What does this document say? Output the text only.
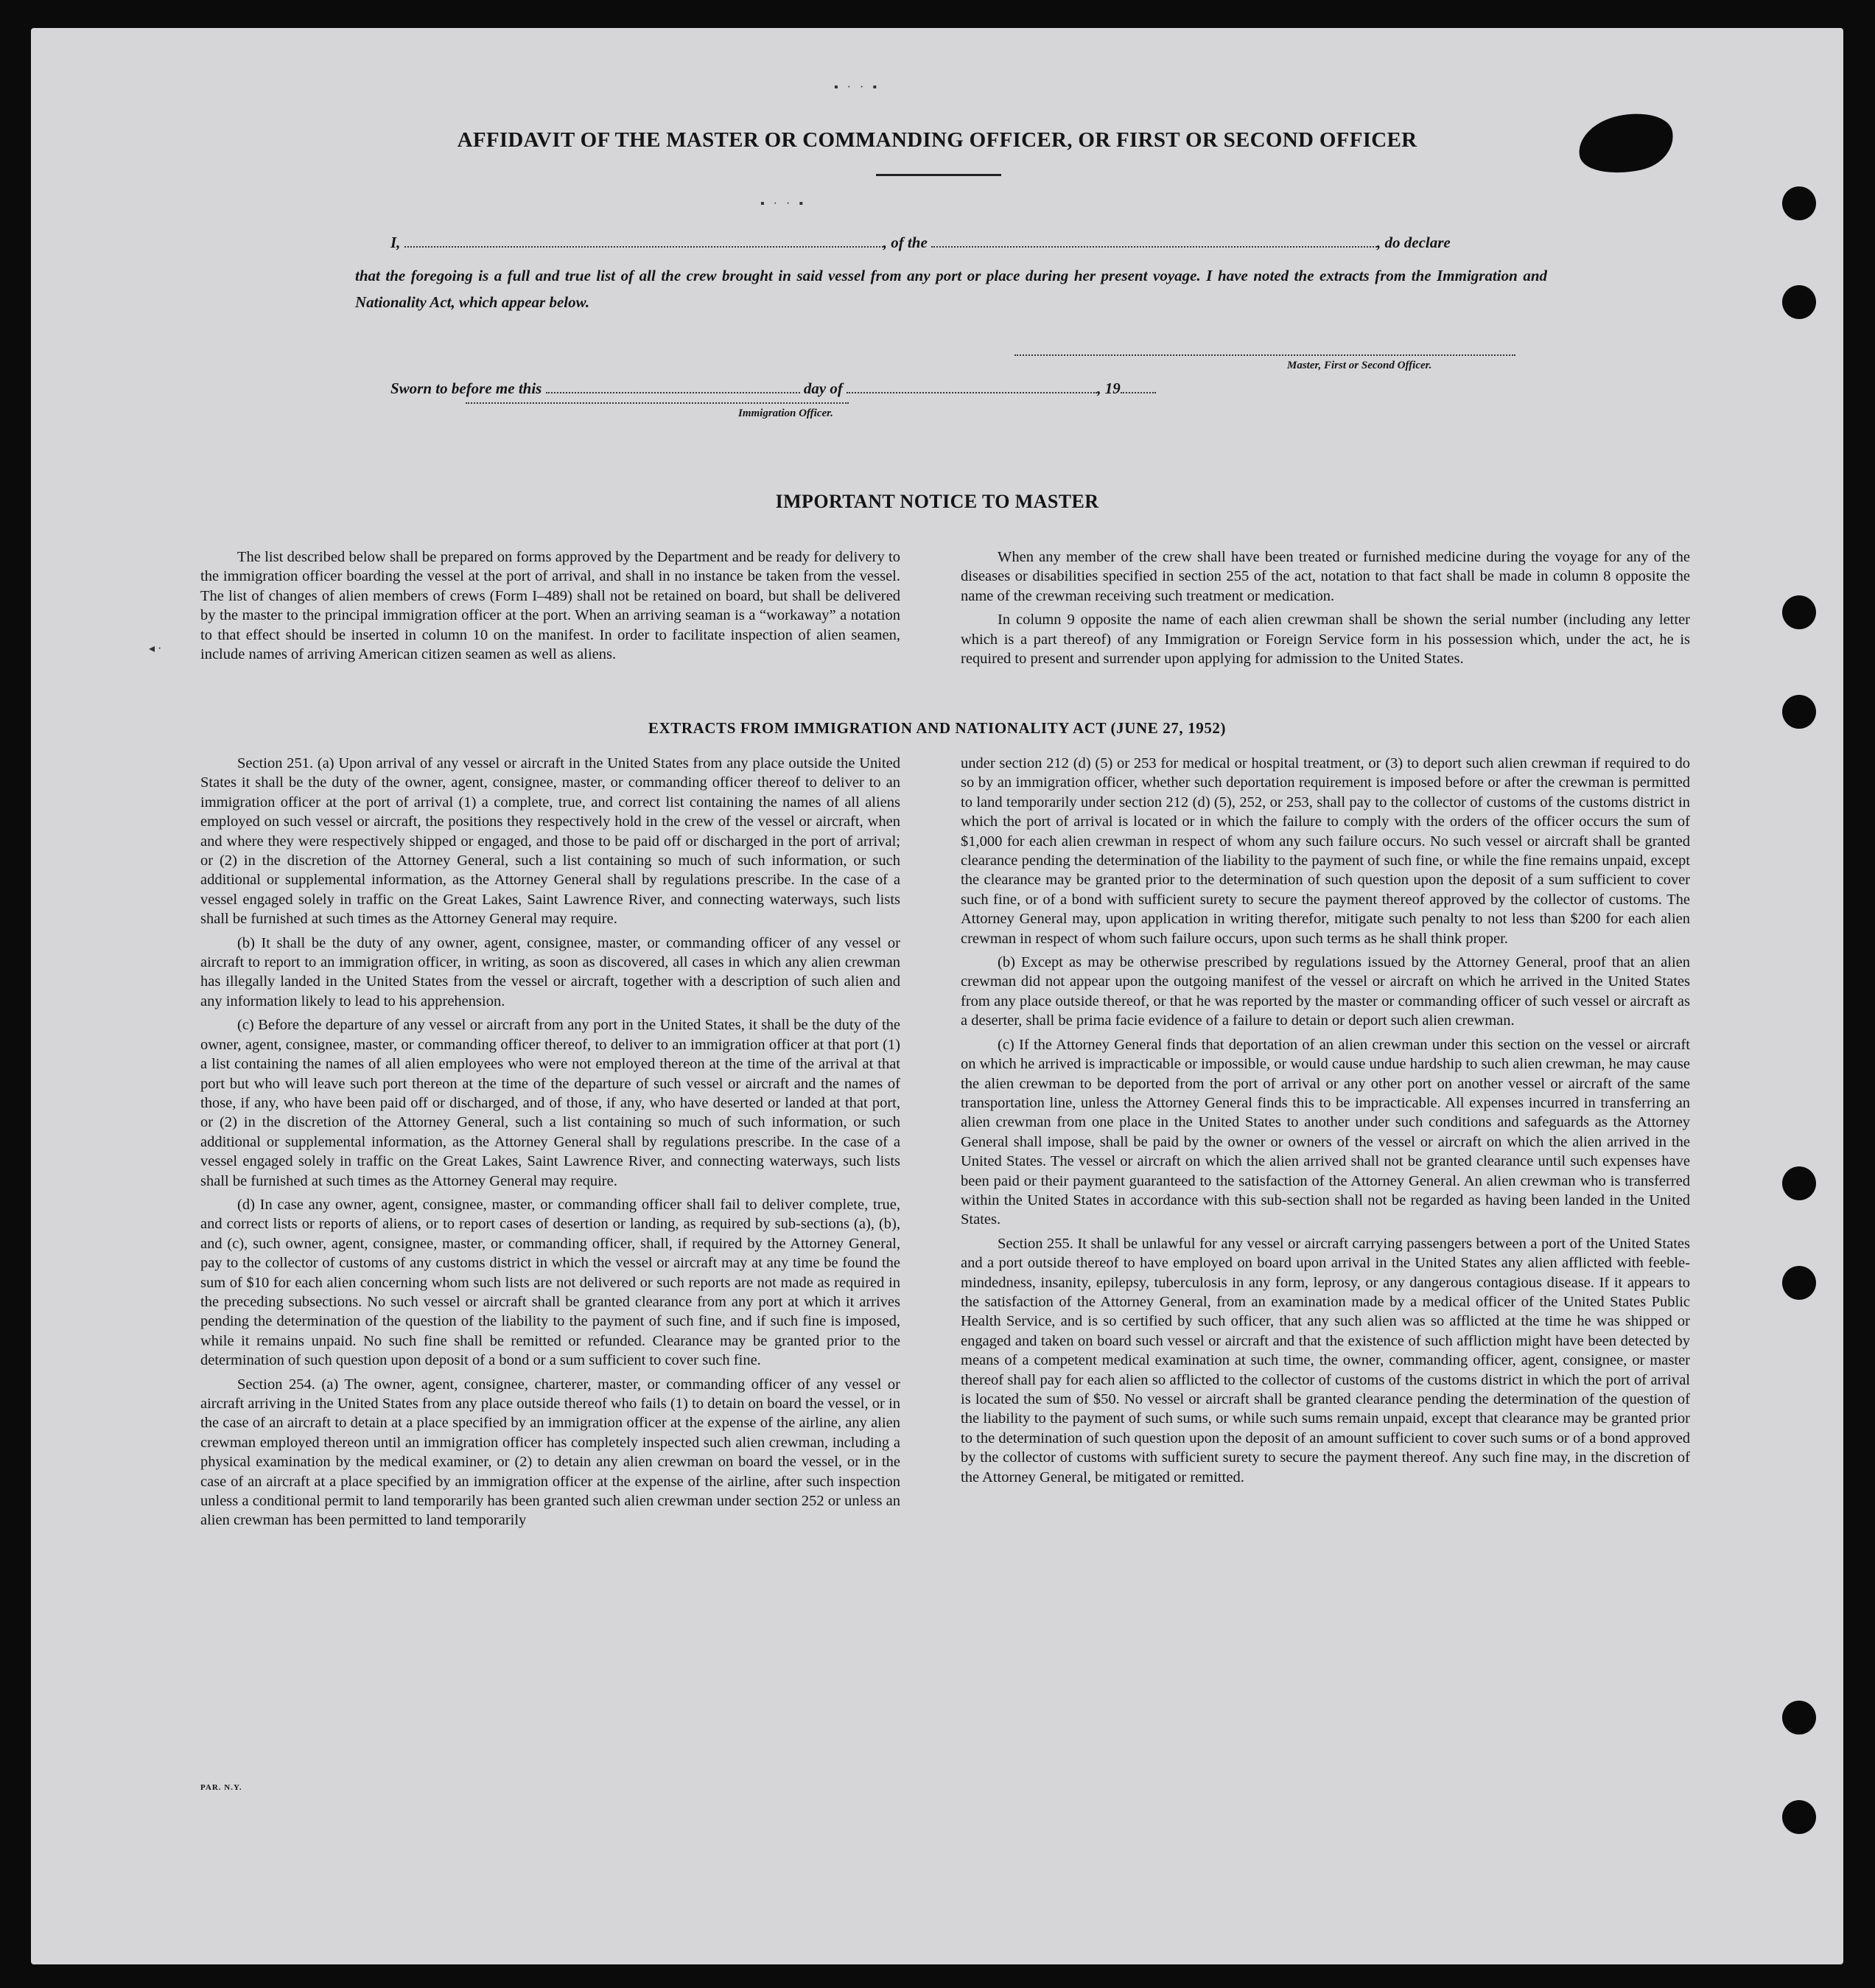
▪ · · ▪
▪ · · ▪
◂·
AFFIDAVIT OF THE MASTER OR COMMANDING OFFICER, OR FIRST OR SECOND OFFICER
I,	, of the	, do declare
that the foregoing is a full and true list of all the crew brought in said vessel from any port or place during her present voyage. I have noted the extracts from the Immigration and Nationality Act, which appear below.
Master, First or Second Officer.
Sworn to before me this	day of	, 19
Immigration Officer.
IMPORTANT NOTICE TO MASTER

The list described below shall be prepared on forms approved by the Department and be ready for delivery to the immigration officer boarding the vessel at the port of arrival, and shall in no instance be taken from the vessel. The list of changes of alien members of crews (Form I–489) shall not be retained on board, but shall be delivered by the master to the principal immigration officer at the port. When an arriving seaman is a “workaway” a notation to that effect should be inserted in column 10 on the manifest. In order to facilitate inspection of alien seamen, include names of arriving American citizen seamen as well as aliens.

When any member of the crew shall have been treated or furnished medicine during the voyage for any of the diseases or disabilities specified in section 255 of the act, notation to that fact shall be made in column 8 opposite the name of the crewman receiving such treatment or medication.

In column 9 opposite the name of each alien crewman shall be shown the serial number (including any letter which is a part thereof) of any Immigration or Foreign Service form in his possession which, under the act, he is required to present and surrender upon applying for admission to the United States.

EXTRACTS FROM IMMIGRATION AND NATIONALITY ACT (JUNE 27, 1952)

Section 251. (a) Upon arrival of any vessel or aircraft in the United States from any place outside the United States it shall be the duty of the owner, agent, consignee, master, or commanding officer thereof to deliver to an immigration officer at the port of arrival (1) a complete, true, and correct list containing the names of all aliens employed on such vessel or aircraft, the positions they respectively hold in the crew of the vessel or aircraft, when and where they were respectively shipped or engaged, and those to be paid off or discharged in the port of arrival; or (2) in the discretion of the Attorney General, such a list containing so much of such information, or such additional or supplemental information, as the Attorney General shall by regulations prescribe. In the case of a vessel engaged solely in traffic on the Great Lakes, Saint Lawrence River, and connecting waterways, such lists shall be furnished at such times as the Attorney General may require.

(b) It shall be the duty of any owner, agent, consignee, master, or commanding officer of any vessel or aircraft to report to an immigration officer, in writing, as soon as discovered, all cases in which any alien crewman has illegally landed in the United States from the vessel or aircraft, together with a description of such alien and any information likely to lead to his apprehension.

(c) Before the departure of any vessel or aircraft from any port in the United States, it shall be the duty of the owner, agent, consignee, master, or commanding officer thereof, to deliver to an immigration officer at that port (1) a list containing the names of all alien employees who were not employed thereon at the time of the arrival at that port but who will leave such port thereon at the time of the departure of such vessel or aircraft and the names of those, if any, who have been paid off or discharged, and of those, if any, who have deserted or landed at that port, or (2) in the discretion of the Attorney General, such a list containing so much of such information, or such additional or supplemental information, as the Attorney General shall by regulations prescribe. In the case of a vessel engaged solely in traffic on the Great Lakes, Saint Lawrence River, and connecting waterways, such lists shall be furnished at such times as the Attorney General may require.

(d) In case any owner, agent, consignee, master, or commanding officer shall fail to deliver complete, true, and correct lists or reports of aliens, or to report cases of desertion or landing, as required by sub-sections (a), (b), and (c), such owner, agent, consignee, master, or commanding officer, shall, if required by the Attorney General, pay to the collector of customs of any customs district in which the vessel or aircraft may at any time be found the sum of $10 for each alien concerning whom such lists are not delivered or such reports are not made as required in the preceding subsections. No such vessel or aircraft shall be granted clearance from any port at which it arrives pending the determination of the question of the liability to the payment of such fine, and if such fine is imposed, while it remains unpaid. No such fine shall be remitted or refunded. Clearance may be granted prior to the determination of such question upon deposit of a bond or a sum sufficient to cover such fine.

Section 254. (a) The owner, agent, consignee, charterer, master, or commanding officer of any vessel or aircraft arriving in the United States from any place outside thereof who fails (1) to detain on board the vessel, or in the case of an aircraft to detain at a place specified by an immigration officer at the expense of the airline, any alien crewman employed thereon until an immigration officer has completely inspected such alien crewman, including a physical examination by the medical examiner, or (2) to detain any alien crewman on board the vessel, or in the case of an aircraft at a place specified by an immigration officer at the expense of the airline, after such inspection unless a conditional permit to land temporarily has been granted such alien crewman under section 252 or unless an alien crewman has been permitted to land temporarily

under section 212 (d) (5) or 253 for medical or hospital treatment, or (3) to deport such alien crewman if required to do so by an immigration officer, whether such deportation requirement is imposed before or after the crewman is permitted to land temporarily under section 212 (d) (5), 252, or 253, shall pay to the collector of customs of the customs district in which the port of arrival is located or in which the failure to comply with the orders of the officer occurs the sum of $1,000 for each alien crewman in respect of whom any such failure occurs. No such vessel or aircraft shall be granted clearance pending the determination of the liability to the payment of such fine, or while the fine remains unpaid, except the clearance may be granted prior to the determination of such question upon the deposit of a sum sufficient to cover such fine, or of a bond with sufficient surety to secure the payment thereof approved by the collector of customs. The Attorney General may, upon application in writing therefor, mitigate such penalty to not less than $200 for each alien crewman in respect of whom such failure occurs, upon such terms as he shall think proper.

(b) Except as may be otherwise prescribed by regulations issued by the Attorney General, proof that an alien crewman did not appear upon the outgoing manifest of the vessel or aircraft on which he arrived in the United States from any place outside thereof, or that he was reported by the master or commanding officer of such vessel or aircraft as a deserter, shall be prima facie evidence of a failure to detain or deport such alien crewman.

(c) If the Attorney General finds that deportation of an alien crewman under this section on the vessel or aircraft on which he arrived is impracticable or impossible, or would cause undue hardship to such alien crewman, he may cause the alien crewman to be deported from the port of arrival or any other port on another vessel or aircraft of the same transportation line, unless the Attorney General finds this to be impracticable. All expenses incurred in transferring an alien crewman from one place in the United States to another under such conditions and safeguards as the Attorney General shall impose, shall be paid by the owner or owners of the vessel or aircraft on which the alien arrived in the United States. The vessel or aircraft on which the alien arrived shall not be granted clearance until such expenses have been paid or their payment guaranteed to the satisfaction of the Attorney General. An alien crewman who is transferred within the United States in accordance with this sub-section shall not be regarded as having been landed in the United States.

Section 255. It shall be unlawful for any vessel or aircraft carrying passengers between a port of the United States and a port outside thereof to have employed on board upon arrival in the United States any alien afflicted with feeble-mindedness, insanity, epilepsy, tuberculosis in any form, leprosy, or any dangerous contagious disease. If it appears to the satisfaction of the Attorney General, from an examination made by a medical officer of the United States Public Health Service, and is so certified by such officer, that any such alien was so afflicted at the time he was shipped or engaged and taken on board such vessel or aircraft and that the existence of such affliction might have been detected by means of a competent medical examination at such time, the owner, commanding officer, agent, consignee, or master thereof shall pay for each alien so afflicted to the collector of customs of the customs district in which the port of arrival is located the sum of $50. No vessel or aircraft shall be granted clearance pending the determination of the question of the liability to the payment of such sums, or while such sums remain unpaid, except that clearance may be granted prior to the determination of such question upon the deposit of an amount sufficient to cover such sums or of a bond approved by the collector of customs with sufficient surety to secure the payment thereof. Any such fine may, in the discretion of the Attorney General, be mitigated or remitted.

PAR. N.Y.
